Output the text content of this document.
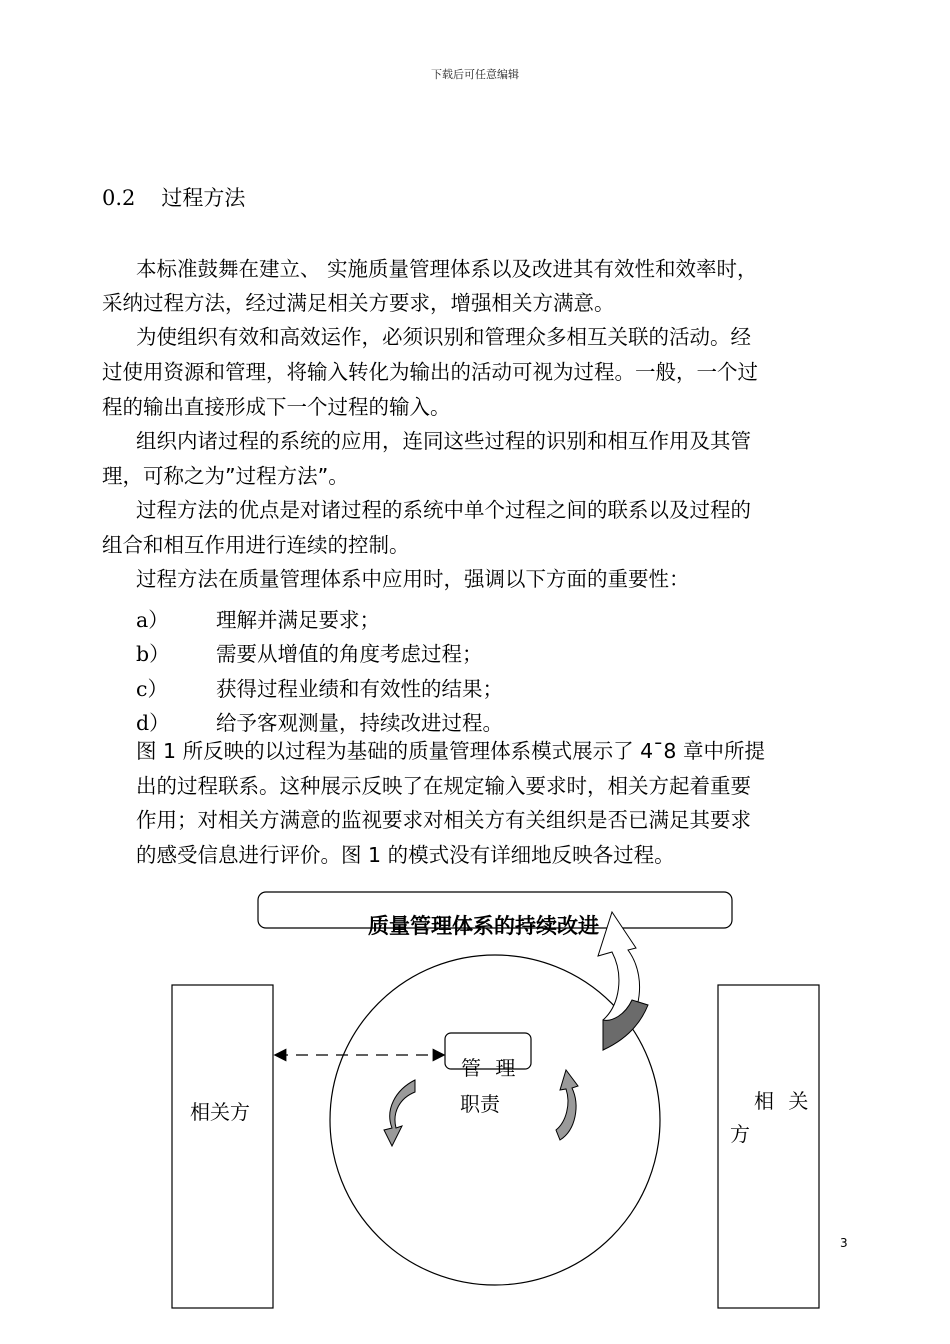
下载后可任意编辑
0.2 过程方法
本标准鼓舞在建立、 实施质量管理体系以及改进其有效性和效率时，
采纳过程方法，经过满足相关方要求，增强相关方满意。
为使组织有效和高效运作，必须识别和管理众多相互关联的活动。经
过使用资源和管理，将输入转化为输出的活动可视为过程。一般，一个过
程的输出直接形成下一个过程的输入。
组织内诸过程的系统的应用，连同这些过程的识别和相互作用及其管
理，可称之为”过程方法”。
过程方法的优点是对诸过程的系统中单个过程之间的联系以及过程的
组合和相互作用进行连续的控制。
过程方法在质量管理体系中应用时，强调以下方面的重要性：
a） 理解并满足要求；
b） 需要从增值的角度考虑过程；
c） 获得过程业绩和有效性的结果；
d） 给予客观测量，持续改进过程。
图 1 所反映的以过程为基础的质量管理体系模式展示了 4¯8 章中所提
出的过程联系。这种展示反映了在规定输入要求时，相关方起着重要
作用；对相关方满意的监视要求对相关方有关组织是否已满足其要求
的感受信息进行评价。图 1 的模式没有详细地反映各过程。
质量管理体系的持续改进
相关方	相 关
方
管 理
职责
3
